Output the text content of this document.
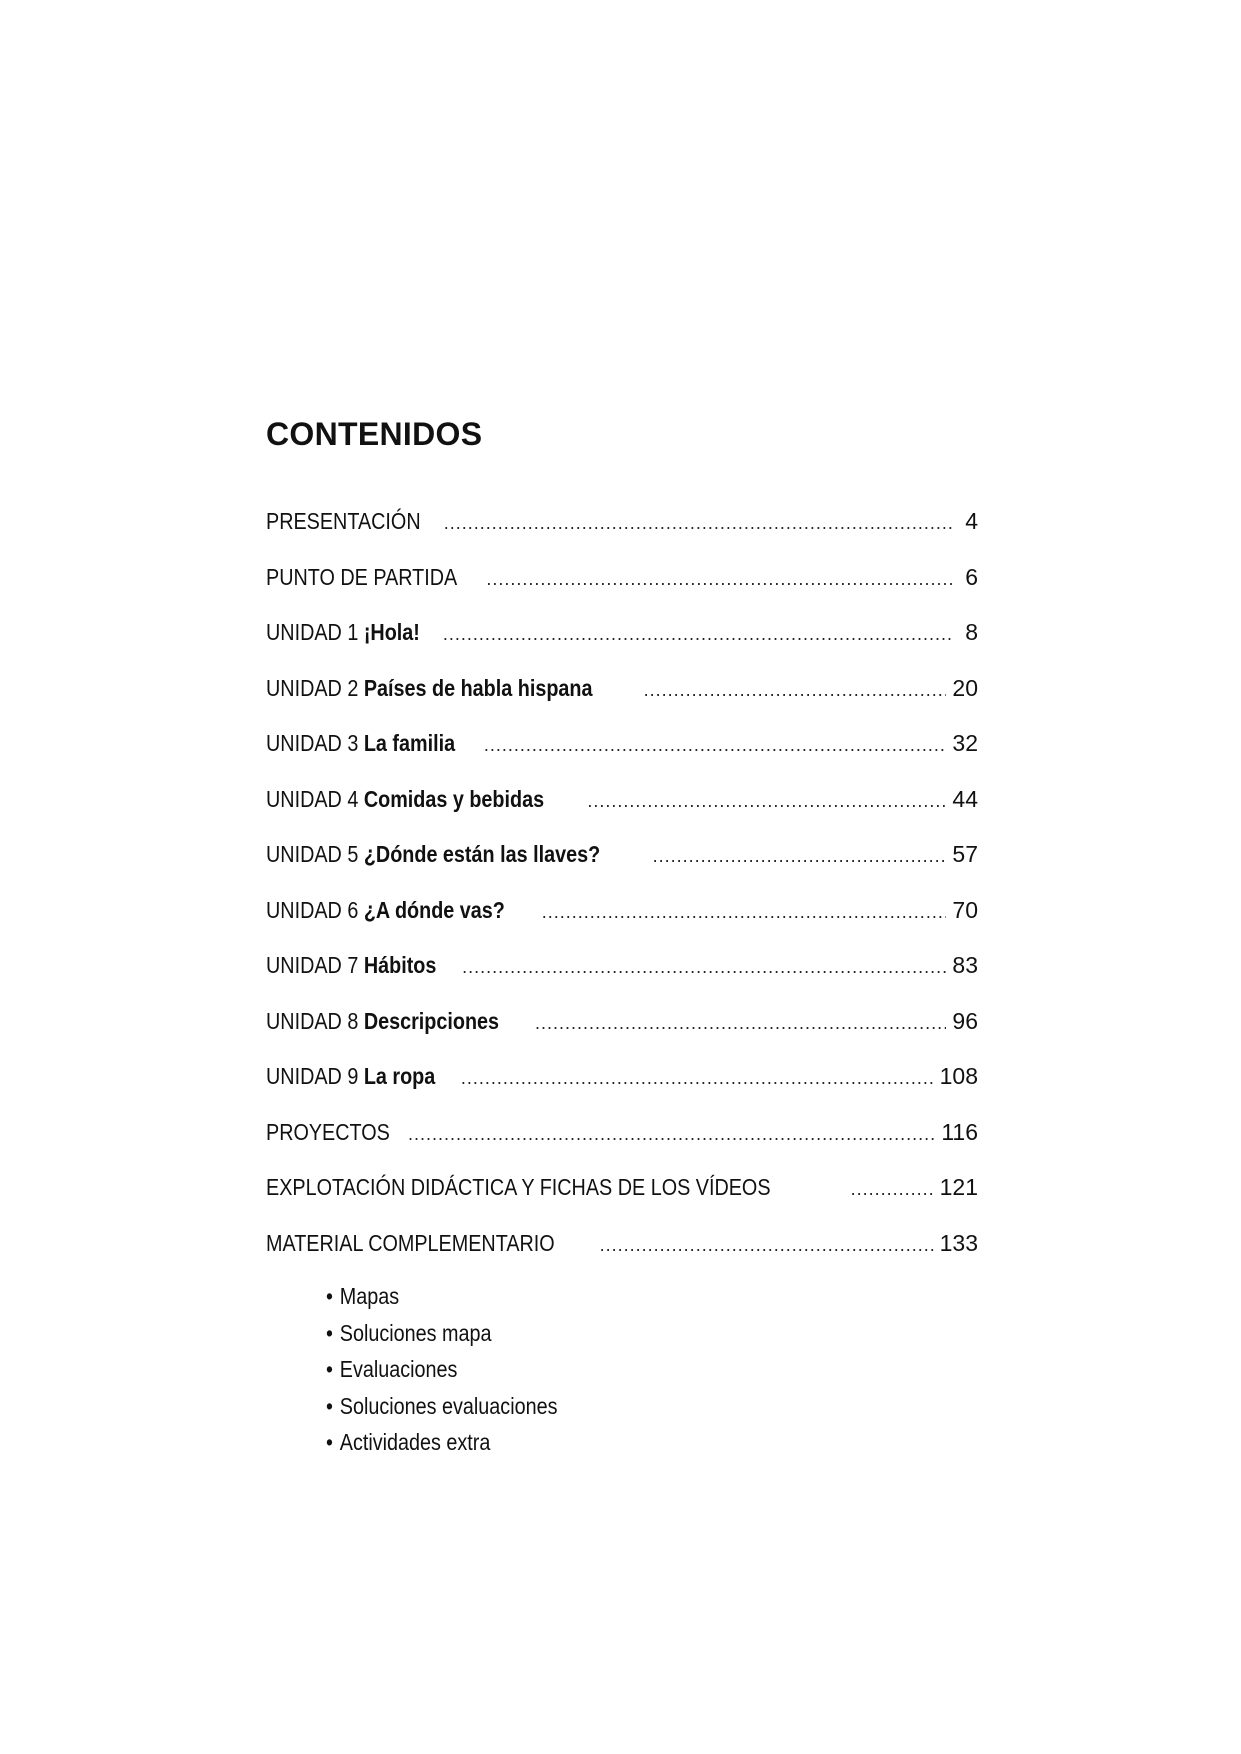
CONTENIDOS
PRESENTACIÓN .....	4
PUNTO DE PARTIDA .....	6
UNIDAD 1 ¡Hola! .....	8
UNIDAD 2 Países de habla hispana .....	20
UNIDAD 3 La familia .....	32
UNIDAD 4 Comidas y bebidas .....	44
UNIDAD 5 ¿Dónde están las llaves? .....	57
UNIDAD 6 ¿A dónde vas? .....	70
UNIDAD 7 Hábitos .....	83
UNIDAD 8 Descripciones .....	96
UNIDAD 9 La ropa .....	108
PROYECTOS .....	116
EXPLOTACIÓN DIDÁCTICA Y FICHAS DE LOS VÍDEOS .....	121
MATERIAL COMPLEMENTARIO .....	133
• Mapas
• Soluciones mapa
• Evaluaciones
• Soluciones evaluaciones
• Actividades extra
